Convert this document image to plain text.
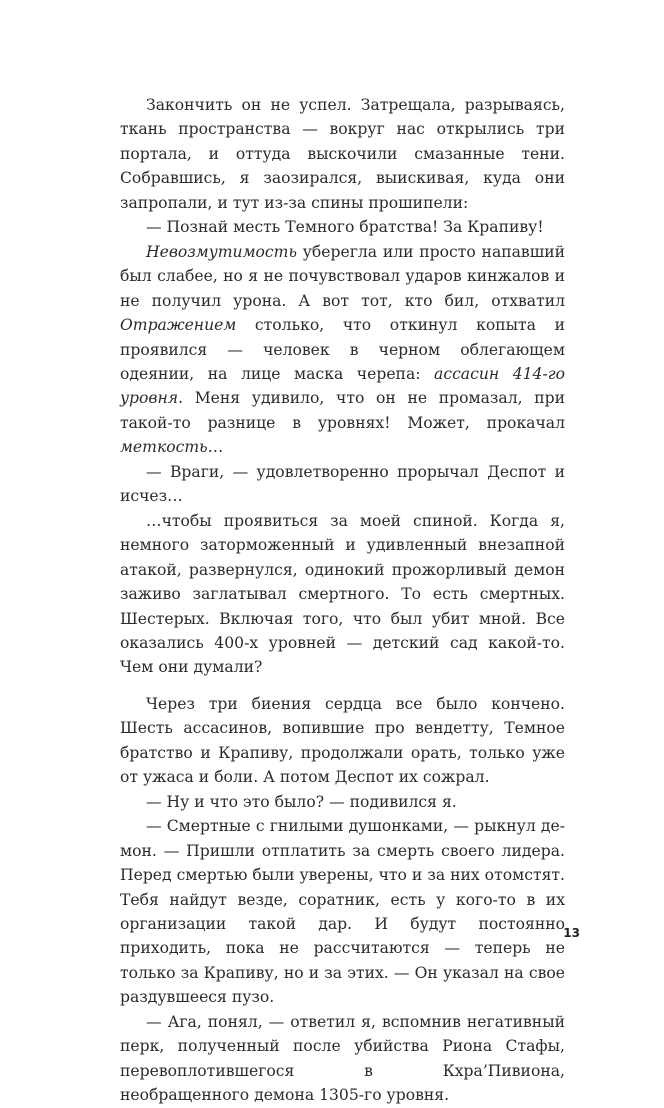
Закончить он не успел. Затрещала, разрываясь, ткань пространства — вокруг нас открылись три портала, и оттуда выскочили смазанные тени. Собравшись, я заозирался, выискивая, куда они запропали, и тут из-за спины прошипели:

— Познай месть Темного братства! За Крапиву!

Невозмутимость уберегла или просто напавший был слабее, но я не почувствовал ударов кинжалов и не получил урона. А вот тот, кто бил, отхватил Отражением столько, что откинул копыта и проявился — человек в черном облегающем одеянии, на лице маска черепа: ассасин 414-го уровня. Меня удивило, что он не промазал, при такой-то разнице в уровнях! Может, прокачал меткость…

— Враги, — удовлетворенно прорычал Деспот и исчез…

…чтобы проявиться за моей спиной. Когда я, немного заторможенный и удивленный внезапной атакой, развернулся, одинокий прожорливый демон заживо заглатывал смертного. То есть смертных. Шестерых. Включая того, что был убит мной. Все оказались 400-х уровней — детский сад какой-то. Чем они думали?

Через три биения сердца все было кончено. Шесть ассасинов, вопившие про вендетту, Темное братство и Крапиву, продолжали орать, только уже от ужаса и боли. А потом Деспот их сожрал.

— Ну и что это было? — подивился я.

— Смертные с гнилыми душонками, — рыкнул демон. — Пришли отплатить за смерть своего лидера. Перед смертью были уверены, что и за них отомстят. Тебя найдут везде, соратник, есть у кого-то в их организации такой дар. И будут постоянно приходить, пока не рассчитаются — теперь не только за Крапиву, но и за этих. — Он указал на свое раздувшееся пузо.

— Ага, понял, — ответил я, вспомнив негативный перк, полученный после убийства Риона Стафы, перевоплотившегося в Кхра’Пивиона, необращенного демона 1305-го уровня.

13
